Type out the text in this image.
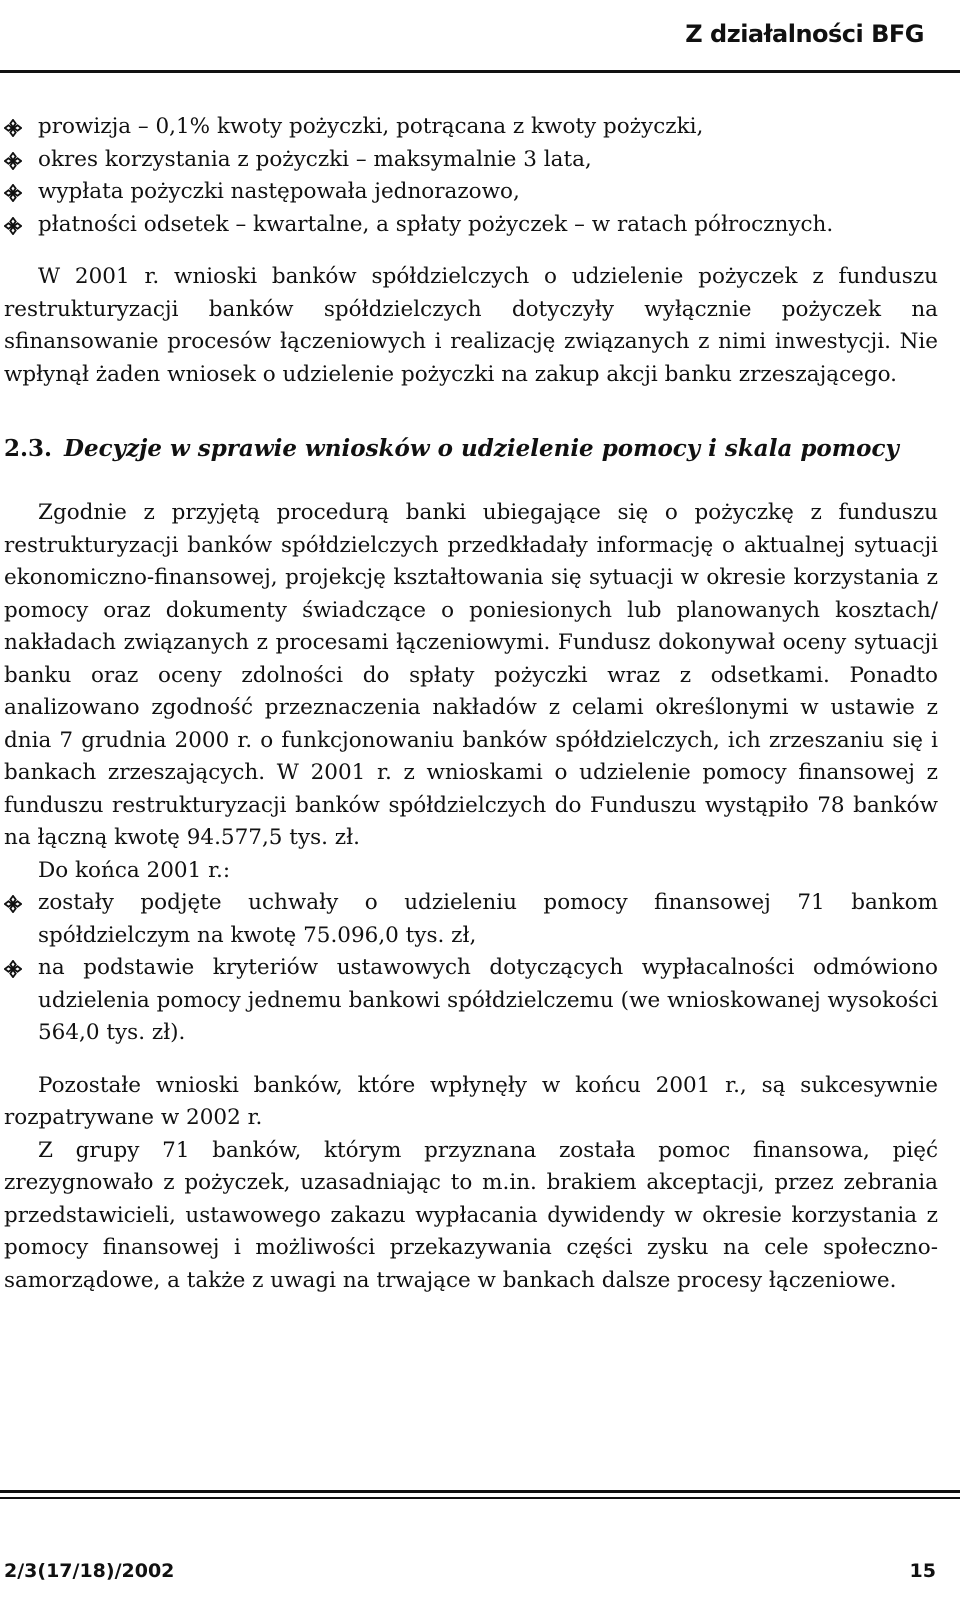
Z działalności BFG
prowizja – 0,1% kwoty pożyczki, potrącana z kwoty pożyczki,
okres korzystania z pożyczki – maksymalnie 3 lata,
wypłata pożyczki następowała jednorazowo,
płatności odsetek – kwartalne, a spłaty pożyczek – w ratach półrocznych.

W 2001 r. wnioski banków spółdzielczych o udzielenie pożyczek z funduszu restrukturyzacji banków spółdzielczych dotyczyły wyłącznie pożyczek na sfinansowanie procesów łączeniowych i realizację związanych z nimi inwestycji. Nie wpłynął żaden wniosek o udzielenie pożyczki na zakup akcji banku zrzeszającego.

2.3. Decyzje w sprawie wniosków o udzielenie pomocy i skala pomocy

Zgodnie z przyjętą procedurą banki ubiegające się o pożyczkę z funduszu restrukturyzacji banków spółdzielczych przedkładały informację o aktualnej sytuacji ekonomiczno-finansowej, projekcję kształtowania się sytuacji w okresie korzystania z pomocy oraz dokumenty świadczące o poniesionych lub planowanych kosztach/ nakładach związanych z procesami łączeniowymi. Fundusz dokonywał oceny sytuacji banku oraz oceny zdolności do spłaty pożyczki wraz z odsetkami. Ponadto analizowano zgodność przeznaczenia nakładów z celami określonymi w ustawie z dnia 7 grudnia 2000 r. o funkcjonowaniu banków spółdzielczych, ich zrzeszaniu się i bankach zrzeszających. W 2001 r. z wnioskami o udzielenie pomocy finansowej z funduszu restrukturyzacji banków spółdzielczych do Funduszu wystąpiło 78 banków na łączną kwotę 94.577,5 tys. zł.

Do końca 2001 r.:

zostały podjęte uchwały o udzieleniu pomocy finansowej 71 bankom spółdzielczym na kwotę 75.096,0 tys. zł,
na podstawie kryteriów ustawowych dotyczących wypłacalności odmówiono udzielenia pomocy jednemu bankowi spółdzielczemu (we wnioskowanej wysokości 564,0 tys. zł).

Pozostałe wnioski banków, które wpłynęły w końcu 2001 r., są sukcesywnie rozpatrywane w 2002 r.

Z grupy 71 banków, którym przyznana została pomoc finansowa, pięć zrezygnowało z pożyczek, uzasadniając to m.in. brakiem akceptacji, przez zebrania przedstawicieli, ustawowego zakazu wypłacania dywidendy w okresie korzystania z pomocy finansowej i możliwości przekazywania części zysku na cele społeczno-samorządowe, a także z uwagi na trwające w bankach dalsze procesy łączeniowe.

2/3(17/18)/2002	15
